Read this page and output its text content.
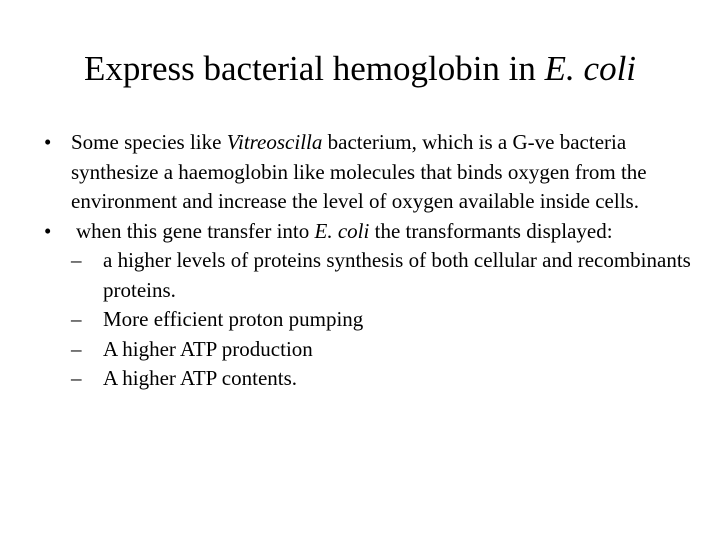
Express bacterial hemoglobin in E. coli

• Some species like Vitreoscilla bacterium, which is a G-ve bacteria synthesize a haemoglobin like molecules that binds oxygen from the environment and increase the level of oxygen available inside cells.

• when this gene transfer into E. coli the transformants displayed:

– a higher levels of proteins synthesis of both cellular and recombinants proteins.

– More efficient proton pumping

– A higher ATP production

– A higher ATP contents.
